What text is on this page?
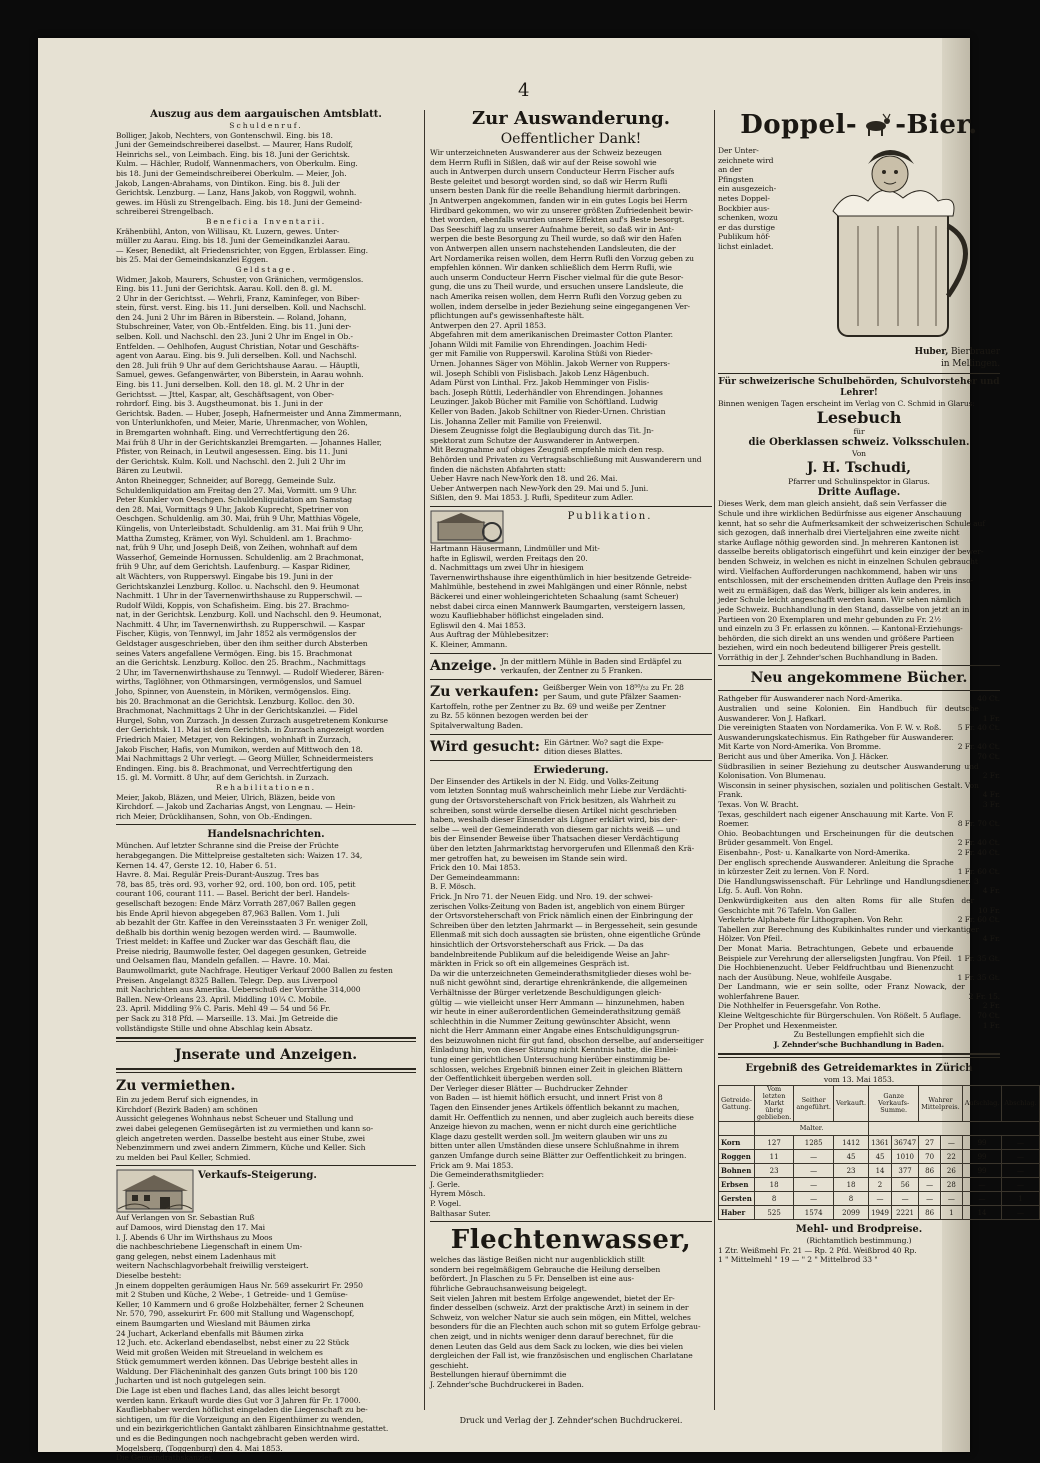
4
Auszug aus dem aargauischen Amtsblatt.
Schuldenruf.
Bolliger, Jakob, Nechters, von Gontenschwil. Eing. bis 18.
Juni der Gemeindschreiberei daselbst. — Maurer, Hans Rudolf,
Heinrichs sel., von Leimbach. Eing. bis 18. Juni der Gerichtsk.
Kulm. — Hächler, Rudolf, Wannenmachers, von Oberkulm. Eing.
bis 18. Juni der Gemeindschreiberei Oberkulm. — Meier, Joh.
Jakob, Langen-Abrahams, von Dintikon. Eing. bis 8. Juli der
Gerichtsk. Lenzburg. — Lanz, Hans Jakob, von Roggwil, wohnh.
gewes. im Hüsli zu Strengelbach. Eing. bis 18. Juni der Gemeind-
schreiberei Strengelbach.
Beneficia Inventarii.
Krähenbühl, Anton, von Willisau, Kt. Luzern, gewes. Unter-
müller zu Aarau. Eing. bis 18. Juni der Gemeindkanzlei Aarau.
— Keser, Benedikt, alt Friedensrichter, von Eggen, Erblasser. Eing.
bis 25. Mai der Gemeindskanzlei Eggen.
Geldstage.
Widmer, Jakob, Maurers, Schuster, von Gränichen, vermögenslos.
Eing. bis 11. Juni der Gerichtsk. Aarau. Koll. den 8. gl. M.
2 Uhr in der Gerichtsst. — Wehrli, Franz, Kaminfeger, von Biber-
stein, fürst. verst. Eing. bis 11. Juni derselben. Koll. und Nachschl.
den 24. Juni 2 Uhr im Bären in Biberstein. — Roland, Johann,
Stubschreiner, Vater, von Ob.-Entfelden. Eing. bis 11. Juni der-
selben. Koll. und Nachschl. den 23. Juni 2 Uhr im Engel in Ob.-
Entfelden. — Oehlhofen, August Christian, Notar und Geschäfts-
agent von Aarau. Eing. bis 9. Juli derselben. Koll. und Nachschl.
den 28. Juli früh 9 Uhr auf dem Gerichtshause Aarau. — Häuptli,
Samuel, gewes. Gefangenwärter, von Biberstein, in Aarau wohnh.
Eing. bis 11. Juni derselben. Koll. den 18. gl. M. 2 Uhr in der
Gerichtsst. — Jttel, Kaspar, alt, Geschäftsagent, von Ober-
rohrdorf. Eing. bis 3. Augstheumonat. bis 1. Juni in der
Gerichtsk. Baden. — Huber, Joseph, Hafnermeister und Anna Zimmermann,
von Unterlunkhofen, und Meier, Marie, Uhrenmacher, von Wohlen,
in Bremgarten wohnhaft. Eing. und Verrechtfertigung den 26.
Mai früh 8 Uhr in der Gerichtskanzlei Bremgarten. — Johannes Haller,
Pfister, von Reinach, in Leutwil angesessen. Eing. bis 11. Juni
der Gerichtsk. Kulm. Koll. und Nachschl. den 2. Juli 2 Uhr im
Bären zu Leutwil.
Anton Rheinegger, Schneider, auf Boregg, Gemeinde Sulz.
Schuldenliquidation am Freitag den 27. Mai, Vormitt. um 9 Uhr.
Peter Kunkler von Oeschgen. Schuldenliquidation am Samstag
den 28. Mai, Vormittags 9 Uhr, Jakob Kuprecht, Spetriner von
Oeschgen. Schuldenlig. am 30. Mai, früh 9 Uhr, Matthias Vögele,
Küngelis, von Unterleibstadt. Schuldenlig. am 31. Mai früh 9 Uhr,
Mattha Zumsteg, Krämer, von Wyl. Schuldenl. am 1. Brachmo-
nat, früh 9 Uhr, und Joseph Deiß, von Zeihen, wohnhaft auf dem
Wasserhof, Gemeinde Hornussen. Schuldenlig. am 2 Brachmonat,
früh 9 Uhr, auf dem Gerichtsh. Laufenburg. — Kaspar Ridiner,
alt Wächters, von Rupperswyl. Eingabe bis 19. Juni in der
Gerichtskanzlei Lenzburg. Kolloc. u. Nachschl. den 9. Heumonat
Nachmitt. 1 Uhr in der Tavernenwirthshause zu Rupperschwil. —
Rudolf Wildi, Koppis, von Schafisheim. Eing. bis 27. Brachmo-
nat, in der Gerichtsk. Lenzburg. Koll. und Nachschl. den 9. Heumonat,
Nachmitt. 4 Uhr, im Tavernenwirthsh. zu Rupperschwil. — Kaspar
Fischer, Kügis, von Tennwyl, im Jahr 1852 als vermögenslos der
Geldstager ausgeschrieben, über den ihm seither durch Absterben
seines Vaters angefallene Vermögen. Eing. bis 15. Brachmonat
an die Gerichtsk. Lenzburg. Kolloc. den 25. Brachm., Nachmittags
2 Uhr, im Tavernenwirthshause zu Tennwyl. — Rudolf Wiederer, Bären-
wirths, Taglöhner, von Othmarsingen, vermögenslos, und Samuel
Joho, Spinner, von Auenstein, in Möriken, vermögenslos. Eing.
bis 20. Brachmonat an die Gerichtsk. Lenzburg. Kolloc. den 30.
Brachmonat, Nachmittags 2 Uhr in der Gerichtskanzlei. — Fidel
Hurgel, Sohn, von Zurzach. Jn dessen Zurzach ausgetretenem Konkurse
der Gerichtsk. 11. Mai ist dem Gerichtsh. in Zurzach angezeigt worden
Friedrich Maier, Metzger, von Rekingen, wohnhaft in Zurzach,
Jakob Fischer, Hafis, von Mumikon, werden auf Mittwoch den 18.
Mai Nachmittags 2 Uhr verlegt. — Georg Müller, Schneidermeisters
Endingen. Eing. bis 8. Brachmonat, und Verrechtfertigung den
15. gl. M. Vormitt. 8 Uhr, auf dem Gerichtsh. in Zurzach.
Rehabilitationen.
Meier, Jakob, Bläzen, und Meier, Ulrich, Bläzen, beide von
Kirchdorf. — Jakob und Zacharias Angst, von Lengnau. — Hein-
rich Meier, Drücklihansen, Sohn, von Ob.-Endingen.
Handelsnachrichten.
München. Auf letzter Schranne sind die Preise der Früchte
herabgegangen. Die Mittelpreise gestalteten sich: Waizen 17. 34,
Kernen 14. 47, Gerste 12. 10, Haber 6. 51.
Havre. 8. Mai. Regulär Preis-Durant-Auszug. Tres bas
78, bas 85, très ord. 93, vorher 92, ord. 100, bon ord. 105, petit
courant 106, courant 111. — Basel. Bericht der berl. Handels-
gesellschaft bezogen: Ende März Vorrath 287,067 Ballen gegen
bis Ende April hievon abgegeben 87,963 Ballen. Vom 1. Juli
ab bezahlt der Gtr. Kaffee in den Vereinsstaaten 3 Fr. weniger Zoll,
deßhalb bis dorthin wenig bezogen werden wird. — Baumwolle.
Triest meldet: in Kaffee und Zucker war das Geschäft flau, die
Preise niedrig, Baumwolle fester, Oel dagegen gesunken, Getreide
und Oelsamen flau, Mandeln gefallen. — Havre. 10. Mai.
Baumwollmarkt, gute Nachfrage. Heutiger Verkauf 2000 Ballen zu festen
Preisen. Angelangt 8325 Ballen. Telegr. Dep. aus Liverpool
mit Nachrichten aus Amerika. Ueberschuß der Vorräthe 314,000
Ballen. New-Orleans 23. April. Middling 10¼ C. Mobile.
23. April. Middling 9⅞ C. Paris. Mehl 49 — 54 und 56 Fr.
per Sack zu 318 Pfd. — Marseille. 13. Mai. Jm Getreide die
vollständigste Stille und ohne Abschlag kein Absatz.
Jnserate und Anzeigen.
Zu vermiethen.
Ein zu jedem Beruf sich eignendes, in
Kirchdorf (Bezirk Baden) am schönen
Aussicht gelegenes Wohnhaus nebst Scheuer und Stallung und
zwei dabei gelegenen Gemüsegärten ist zu vermiethen und kann so-
gleich angetreten werden. Dasselbe besteht aus einer Stube, zwei
Nebenzimmern und zwei andern Zimmern, Küche und Keller. Sich
zu melden bei Paul Keller, Schmied.
Verkaufs-Steigerung.
Auf Verlangen von Sr. Sebastian Ruß
auf Damoos, wird Dienstag den 17. Mai
l. J. Abends 6 Uhr im Wirthshaus zu Moos
die nachbeschriebene Liegenschaft in einem Um-
gang gelegen, nebst einem Ladenhaus mit
weitern Nachschlagvorbehalt freiwillig versteigert.
Dieselbe besteht:
Jn einem doppelten geräumigen Haus Nr. 569 assekurirt Fr. 2950
mit 2 Stuben und Küche, 2 Webe-, 1 Getreide- und 1 Gemüse-
Keller, 10 Kammern und 6 große Holzbehälter, ferner 2 Scheunen
Nr. 570, 790, assekurirt Fr. 600 mit Stallung und Wagenschopf,
einem Baumgarten und Wiesland mit Bäumen zirka
24 Juchart, Ackerland ebenfalls mit Bäumen zirka
12 Juch. etc. Ackerland ebendaselbst, nebst einer zu 22 Stück
Weid mit großen Weiden mit Streueland in welchem es
Stück gemummert werden können. Das Uebrige besteht alles in
Waldung. Der Flächeninhalt des ganzen Guts bringt 100 bis 120
Jucharten und ist noch gutgelegen sein.
Die Lage ist eben und flaches Land, das alles leicht besorgt
werden kann. Erkauft wurde dies Gut vor 3 Jahren für Fr. 17000.
Kaufliebhaber werden höflichst eingeladen die Liegenschaft zu be-
sichtigen, um für die Vorzeigung an den Eigenthümer zu wenden,
und ein bezirkgerichtlichen Gantakt zählbaren Einsichtnahme gestattet.
und es die Bedingungen noch nachgebracht geben werden wird.
Mogelsberg, (Toggenburg) den 4. Mai 1853.
Die Gemeindrathskanzlei.
Zur Auswanderung.
Oeffentlicher Dank!
Wir unterzeichneten Auswanderer aus der Schweiz bezeugen
dem Herrn Rufli in Sißlen, daß wir auf der Reise sowohl wie
auch in Antwerpen durch unsern Conducteur Herrn Fischer aufs
Beste geleitet und besorgt worden sind, so daß wir Herrn Rufli
unsern besten Dank für die reelle Behandlung hiermit darbringen.
Jn Antwerpen angekommen, fanden wir in ein gutes Logis bei Herrn
Hirdbard gekommen, wo wir zu unserer größten Zufriedenheit bewir-
thet worden, ebenfalls wurden unsere Effekten auf's Beste besorgt.
Das Seeschiff lag zu unserer Aufnahme bereit, so daß wir in Ant-
werpen die beste Besorgung zu Theil wurde, so daß wir den Hafen
von Antwerpen allen unsern nachstehenden Landsleuten, die der
Art Nordamerika reisen wollen, dem Herrn Rufli den Vorzug geben zu
empfehlen können. Wir danken schließlich dem Herrn Rufli, wie
auch unserm Conducteur Herrn Fischer vielmal für die gute Besor-
gung, die uns zu Theil wurde, und ersuchen unsere Landsleute, die
nach Amerika reisen wollen, dem Herrn Rufli den Vorzug geben zu
wollen, indem derselbe in jeder Beziehung seine eingegangenen Ver-
pflichtungen auf's gewissenhafteste hält.
Antwerpen den 27. April 1853.
Abgefahren mit dem amerikanischen Dreimaster Cotton Planter.
Johann Wildi mit Familie von Ehrendingen. Joachim Hedi-
ger mit Familie von Rupperswil. Karolina Stüßi von Rieder-
Urnen. Johannes Säger von Möhlin. Jakob Werner von Ruppers-
wil. Joseph Schibli von Fislisbach. Jakob Lenz Hägenbuch.
Adam Pürst von Linthal. Frz. Jakob Hemminger von Fislis-
bach. Joseph Rüttli, Lederhändler von Ehrendingen. Johannes
Leuzinger. Jakob Bücher mit Familie von Schöftland. Ludwig
Keller von Baden. Jakob Schiltner von Rieder-Urnen. Christian
Lis. Johanna Zeller mit Familie von Freienwil.
Diesem Zeugnisse folgt die Beglaubigung durch das Tit. Jn-
spektorat zum Schutze der Auswanderer in Antwerpen.
Mit Bezugnahme auf obiges Zeugniß empfehle mich den resp.
Behörden und Privaten zu Vertragsabschließung mit Auswanderern und
finden die nächsten Abfahrten statt:
Ueber Havre nach New-York den 18. und 26. Mai.
Ueber Antwerpen nach New-York den 29. Mai und 5. Juni.
Sißlen, den 9. Mai 1853. J. Rufli, Spediteur zum Adler.
Publikation.
Hartmann Häusermann, Lindmüller und Mit-
hafte in Egliswil, werden Freitags den 20.
d. Nachmittags um zwei Uhr in hiesigem
Tavernenwirthshause ihre eigenthümlich in hier besitzende Getreide-
Mahlmühle, bestehend in zwei Mahlgängen und einer Rönnle, nebst
Bäckerei und einer wohleingerichteten Schaalung (samt Scheuer)
nebst dabei circa einen Mannwerk Baumgarten, versteigern lassen,
wozu Kaufliebhaber höflichst eingeladen sind.
Egliswil den 4. Mai 1853.
Aus Auftrag der Mühlebesitzer:
K. Kleiner, Ammann.
Anzeige. Jn der mittlern Mühle in Baden sind Erdäpfel zu
verkaufen, der Zentner zu 5 Franken.
Zu verkaufen: Geißberger Wein von 18⁵⁰/₅₂ zu Fr. 28
per Saum, und gute Pfälzer Saamen-
Kartoffeln, rothe per Zentner zu Bz. 69 und weiße per Zentner
zu Bz. 55 können bezogen werden bei der
Spitalverwaltung Baden.
Wird gesucht: Ein Gärtner. Wo? sagt die Expe-
dition dieses Blattes.
Erwiederung.
Der Einsender des Artikels in der N. Eidg. und Volks-Zeitung
vom letzten Sonntag muß wahrscheinlich mehr Liebe zur Verdächti-
gung der Ortsvorsteherschaft von Frick besitzen, als Wahrheit zu
schreiben, sonst würde derselbe diesen Artikel nicht geschrieben
haben, weshalb dieser Einsender als Lügner erklärt wird, bis der-
selbe — weil der Gemeinderath von diesem gar nichts weiß — und
bis der Einsender Beweise über Thatsachen dieser Verdächtigung
über den letzten Jahrmarktstag hervorgerufen und Ellenmaß den Krä-
mer getroffen hat, zu beweisen im Stande sein wird.
Frick den 10. Mai 1853.
Der Gemeindeammann:
B. F. Mösch.
Frick. Jn Nro 71. der Neuen Eidg. und Nro. 19. der schwei-
zerischen Volks-Zeitung von Baden ist, angeblich von einem Bürger
der Ortsvorsteherschaft von Frick nämlich einen der Einbringung der
Schreiben über den letzten Jahrmarkt — in Bergesseheit, sein gesunde
Ellenmaß mit sich doch aussagten sie brüsten, ohne eigentliche Gründe
hinsichtlich der Ortsvorsteherschaft aus Frick. — Da das
bandelnbreitende Publikum auf die beleidigende Weise an Jahr-
märkten in Frick so oft ein allgemeines Gespräch ist.
Da wir die unterzeichneten Gemeinderathsmitglieder dieses wohl be-
nuß nicht gewöhnt sind, derartige ehrenkränkende, die allgemeinen
Verhältnisse der Bürger verletzende Beschuldigungen gleich-
gültig — wie vielleicht unser Herr Ammann — hinzunehmen, haben
wir heute in einer außerordentlichen Gemeinderathsitzung gemäß
schlechthin in die Nummer Zeitung gewünschter Absicht, wenn
nicht die Herr Ammann einer Angabe eines Entschuldigungsgrun-
des beizuwohnen nicht für gut fand, obschon derselbe, auf anderseitiger
Einladung hin, von dieser Sitzung nicht Kenntnis hatte, die Einlei-
tung einer gerichtlichen Untersuchung hierüber einstimmig be-
schlossen, welches Ergebniß binnen einer Zeit in gleichen Blättern
der Oeffentlichkeit übergeben werden soll.
Der Verleger dieser Blätter — Buchdrucker Zehnder
von Baden — ist hiemit höflich ersucht, und innert Frist von 8
Tagen den Einsender jenes Artikels öffentlich bekannt zu machen,
damit Hr. Oeffentlich zu nennen, und aber zugleich auch bereits diese
Anzeige hievon zu machen, wenn er nicht durch eine gerichtliche
Klage dazu gestellt werden soll. Jm weitern glauben wir uns zu
bitten unter allen Umständen diese unsere Schlußnahme in ihrem
ganzen Umfange durch seine Blätter zur Oeffentlichkeit zu bringen.
Frick am 9. Mai 1853.
Die Gemeinderathsmitglieder:
J. Gerle.
Hyrem Mösch.
P. Vogel.
Balthasar Suter.
Flechtenwasser,
welches das lästige Beißen nicht nur augenblicklich stillt
sondern bei regelmäßigem Gebrauche die Heilung derselben
befördert. Jn Flaschen zu 5 Fr. Denselben ist eine aus-
führliche Gebrauchsanweisung beigelegt.
Seit vielen Jahren mit bestem Erfolge angewendet, bietet der Er-
finder desselben (schweiz. Arzt der praktische Arzt) in seinem in der
Schweiz, von welcher Natur sie auch sein mögen, ein Mittel, welches
besonders für die an Flechten auch schon mit so gutem Erfolge gebrau-
chen zeigt, und in nichts weniger denn darauf berechnet, für die
denen Leuten das Geld aus dem Sack zu locken, wie dies bei vielen
dergleichen der Fall ist, wie französischen und englischen Charlatane
geschieht.
Bestellungen hierauf übernimmt die
J. Zehnder'sche Buchdruckerei in Baden.
Doppel- -Bier.
Der Unter-
zeichnete wird
an der
Pfingsten
ein ausgezeich-
netes Doppel-
Bockbier aus-
schenken, wozu
er das durstige
Publikum höf-
lichst einladet.
Huber, Bierbrauer
in Mellingen.
Für schweizerische Schulbehörden, Schulvorsteher und Lehrer!
Binnen wenigen Tagen erscheint im Verlag von C. Schmid in Glarus:
Lesebuch
für
die Oberklassen schweiz. Volksschulen.
Von
J. H. Tschudi,
Pfarrer und Schulinspektor in Glarus.
Dritte Auflage.
Dieses Werk, dem man gleich ansieht, daß sein Verfasser die
Schule und ihre wirklichen Bedürfnisse aus eigener Anschauung
kennt, hat so sehr die Aufmerksamkeit der schweizerischen Schule auf
sich gezogen, daß innerhalb drei Vierteljahren eine zweite nicht
starke Auflage nöthig geworden sind. Jn mehreren Kantonen ist
dasselbe bereits obligatorisch eingeführt und kein einziger der bewer-
benden Schweiz, in welchen es nicht in einzelnen Schulen gebraucht
wird. Vielfachen Aufforderungen nachkommend, haben wir uns
entschlossen, mit der erscheinenden dritten Auflage den Preis inso-
weit zu ermäßigen, daß das Werk, billiger als kein anderes, in
jeder Schule leicht angeschafft werden kann. Wir sehen nämlich
jede Schweiz. Buchhandlung in den Stand, dasselbe von jetzt an in
Partieen von 20 Exemplaren und mehr gebunden zu Fr. 2½
und einzeln zu 3 Fr. erlassen zu können. — Kantonal-Erziehungs-
behörden, die sich direkt an uns wenden und größere Partieen
beziehen, wird ein noch bedeutend billigerer Preis gestellt.
Vorräthig in der J. Zehnder'schen Buchhandlung in Baden.
Neu angekommene Bücher.
Rathgeber für Auswanderer nach Nord-Amerika.	40 Ct.
Australien und seine Kolonien. Ein Handbuch für deutsche Auswanderer. Von J. Hafkarl.	1 Fr.
Die vereinigten Staaten von Nordamerika. Von F. W. v. Roß.	5 Fr. 40 Ct.
Auswanderungskatechismus. Ein Rathgeber für Auswanderer. Mit Karte von Nord-Amerika. Von Bromme.	2 Fr. 40 Ct.
Bericht aus und über Amerika. Von J. Häcker.	70 Ct.
Südbrasilien in seiner Beziehung zu deutscher Auswanderung und Kolonisation. Von Blumenau.	2 Fr.
Wisconsin in seiner physischen, sozialen und politischen Gestalt. Von Frank.	4 Fr.
Texas. Von W. Bracht.	3 Fr.
Texas, geschildert nach eigener Anschauung mit Karte. Von F. Roemer.	8 Fr. 70 Ct.
Ohio. Beobachtungen und Erscheinungen für die deutschen Brüder gesammelt. Von Engel.	2 Fr. 40 Ct.
Eisenbahn-, Post- u. Kanalkarte von Nord-Amerika.	2 Fr. 40 Ct.
Der englisch sprechende Auswanderer. Anleitung die Sprache in kürzester Zeit zu lernen. Von F. Nord.	1 Fr. 60 Ct.
Die Handlungswissenschaft. Für Lehrlinge und Handlungsdiener. 3 Lfg. 5. Aufl. Von Rohn.	4 Fr.
Denkwürdigkeiten aus den alten Roms für alle Stufen der Geschichte mit 76 Tafeln. Von Galler.	10 Fr.
Verkehrte Alphabete für Lithographen. Von Rehr.	2 Fr. 60 Ct.
Tabellen zur Berechnung des Kubikinhaltes runder und vierkantiger Hölzer. Von Pfeil.	4 Fr.
Der Monat Maria. Betrachtungen, Gebete und erbauende Beispiele zur Verehrung der allerseligsten Jungfrau. Von Pfeil. 1 Fr. 35 Gt.
Die Hochbienenzucht. Ueber Feldfruchtbau und Bienenzucht nach der Ausübung. Neue, wohlfeile Ausgabe.	1 Fr. 35 Gt.
Der Landmann, wie er sein sollte, oder Franz Nowack, der wohlerfahrene Bauer.	2 Fr. 15.
Die Nothhelfer in Feuersgefahr. Von Rothe.	2 Fr.
Kleine Weltgeschichte für Bürgerschulen. Von Rößelt. 5 Auflage.	70 Ct.
Der Prophet und Hexenmeister.	1 Fr.
Zu Bestellungen empfiehlt sich die
J. Zehnder'sche Buchhandlung in Baden.
Ergebniß des Getreidemarktes in Zürich
vom 13. Mai 1853.
Getreide-Gattung.	Vom letzten Markt übrig geblieben.	Seither angeführt.	Verkauft.	Ganze Verkaufs-Summe.		Wahrer Mittelpreis.		Aufschlag.	Abschlag.
	Malter.								
Korn	127	1285	1412	1361	36747	27	—	99	—
Roggen	11	—	45	45	1010	70	22	99	—
Bohnen	23	—	23	14	377	86	26	99	—
Erbsen	18	—	18	2	56	—	28	—	—
Gersten	8	—	8	—	—	—	—	—	1
Haber	525	1574	2099	1949	2221	86	1	14	—
Mehl- und Brodpreise.
(Richtamtlich bestimmung.)
1 Ztr. Weißmehl Fr. 21 — Rp. 2 Pfd. Weißbrod 40 Rp.
1 " Mittelmehl " 19 — " 2 " Mittelbrod 33 "
Druck und Verlag der J. Zehnder'schen Buchdruckerei.
